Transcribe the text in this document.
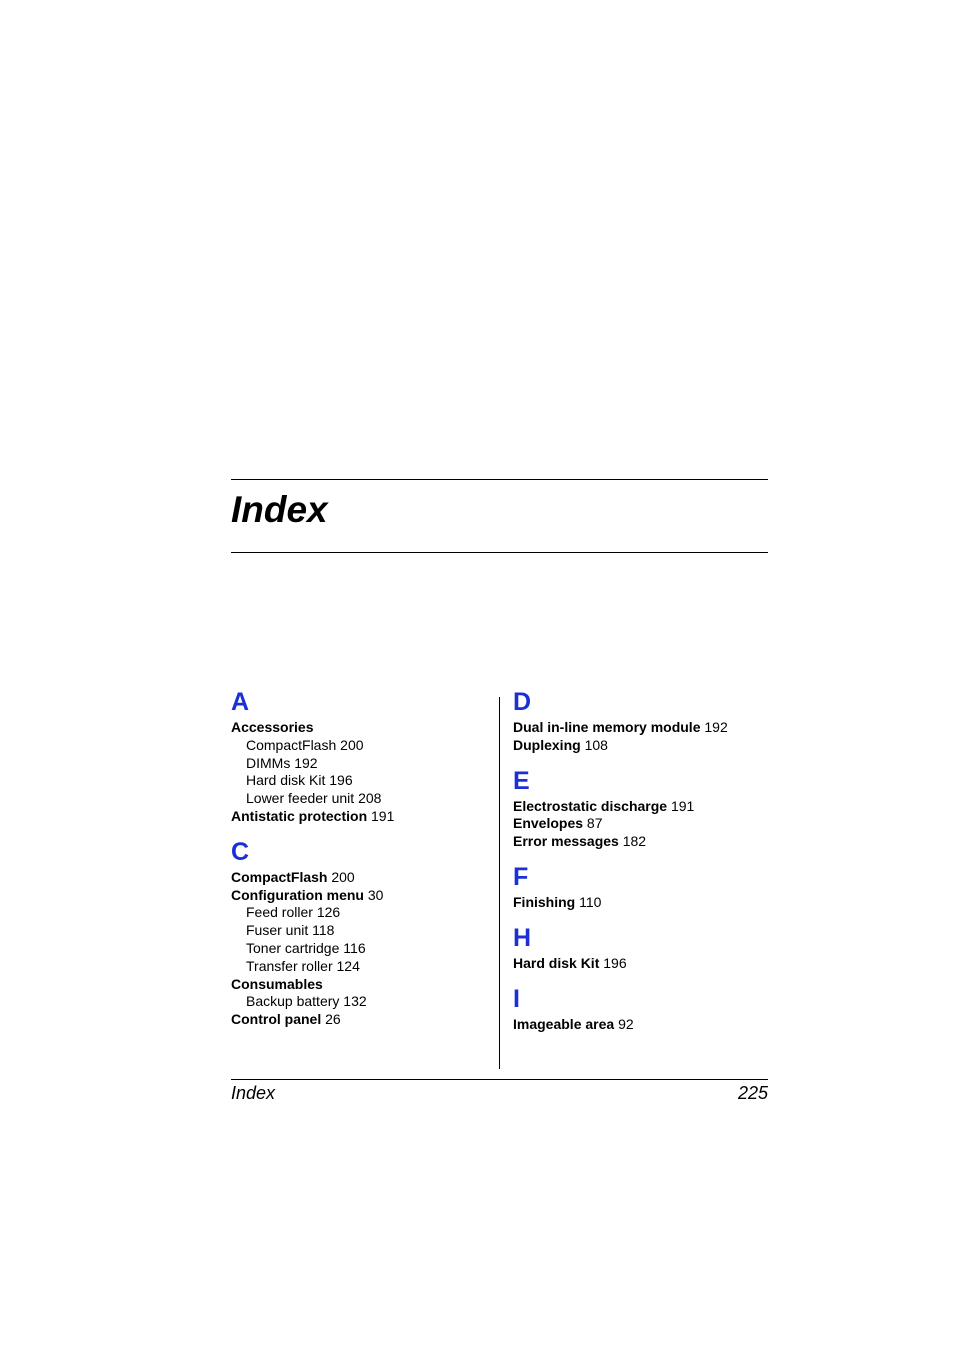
Index
A
Accessories
CompactFlash 200
DIMMs 192
Hard disk Kit 196
Lower feeder unit 208
Antistatic protection 191
C
CompactFlash 200
Configuration menu 30
Feed roller 126
Fuser unit 118
Toner cartridge 116
Transfer roller 124
Consumables
Backup battery 132
Control panel 26
D
Dual in-line memory module 192
Duplexing 108
E
Electrostatic discharge 191
Envelopes 87
Error messages 182
F
Finishing 110
H
Hard disk Kit 196
I
Imageable area 92
Index	225
